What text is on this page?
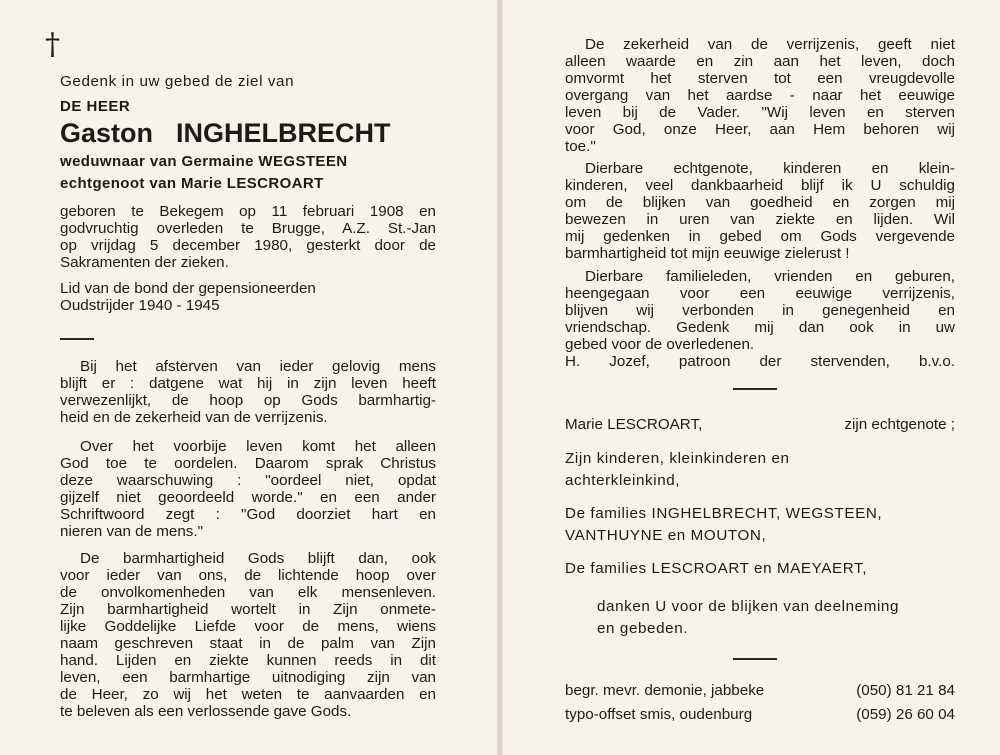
†

Gedenk in uw gebed de ziel van

DE HEER

Gaston INGHELBRECHT

weduwnaar van Germaine WEGSTEEN

echtgenoot van Marie LESCROART

geboren te Bekegem op 11 februari 1908 en

godvruchtig overleden te Brugge, A.Z. St.-Jan

op vrijdag 5 december 1980, gesterkt door de

Sakramenten der zieken.

Lid van de bond der gepensioneerden

Oudstrijder 1940 - 1945

Bij het afsterven van ieder gelovig mens

blijft er : datgene wat hij in zijn leven heeft

verwezenlijkt, de hoop op Gods barmhartig-

heid en de zekerheid van de verrijzenis.

Over het voorbije leven komt het alleen

God toe te oordelen. Daarom sprak Christus

deze waarschuwing : "oordeel niet, opdat

gijzelf niet geoordeeld worde." en een ander

Schriftwoord zegt : "God doorziet hart en

nieren van de mens."

De barmhartigheid Gods blijft dan, ook

voor ieder van ons, de lichtende hoop over

de onvolkomenheden van elk mensenleven.

Zijn barmhartigheid wortelt in Zijn onmete-

lijke Goddelijke Liefde voor de mens, wiens

naam geschreven staat in de palm van Zijn

hand. Lijden en ziekte kunnen reeds in dit

leven, een barmhartige uitnodiging zijn van

de Heer, zo wij het weten te aanvaarden en

te beleven als een verlossende gave Gods.

De zekerheid van de verrijzenis, geeft niet

alleen waarde en zin aan het leven, doch

omvormt het sterven tot een vreugdevolle

overgang van het aardse - naar het eeuwige

leven bij de Vader. "Wij leven en sterven

voor God, onze Heer, aan Hem behoren wij

toe."

Dierbare echtgenote, kinderen en klein-

kinderen, veel dankbaarheid blijf ik U schuldig

om de blijken van goedheid en zorgen mij

bewezen in uren van ziekte en lijden. Wil

mij gedenken in gebed om Gods vergevende

barmhartigheid tot mijn eeuwige zielerust !

Dierbare familieleden, vrienden en geburen,

heengegaan voor een eeuwige verrijzenis,

blijven wij verbonden in genegenheid en

vriendschap. Gedenk mij dan ook in uw

gebed voor de overledenen.

H. Jozef, patroon der stervenden, b.v.o.

Marie LESCROART,	zijn echtgenote ;

Zijn kinderen, kleinkinderen en

achterkleinkind,

De families INGHELBRECHT, WEGSTEEN,

VANTHUYNE en MOUTON,

De families LESCROART en MAEYAERT,

danken U voor de blijken van deelneming

en gebeden.

begr. mevr. demonie, jabbeke	(050) 81 21 84
typo-offset smis, oudenburg	(059) 26 60 04
